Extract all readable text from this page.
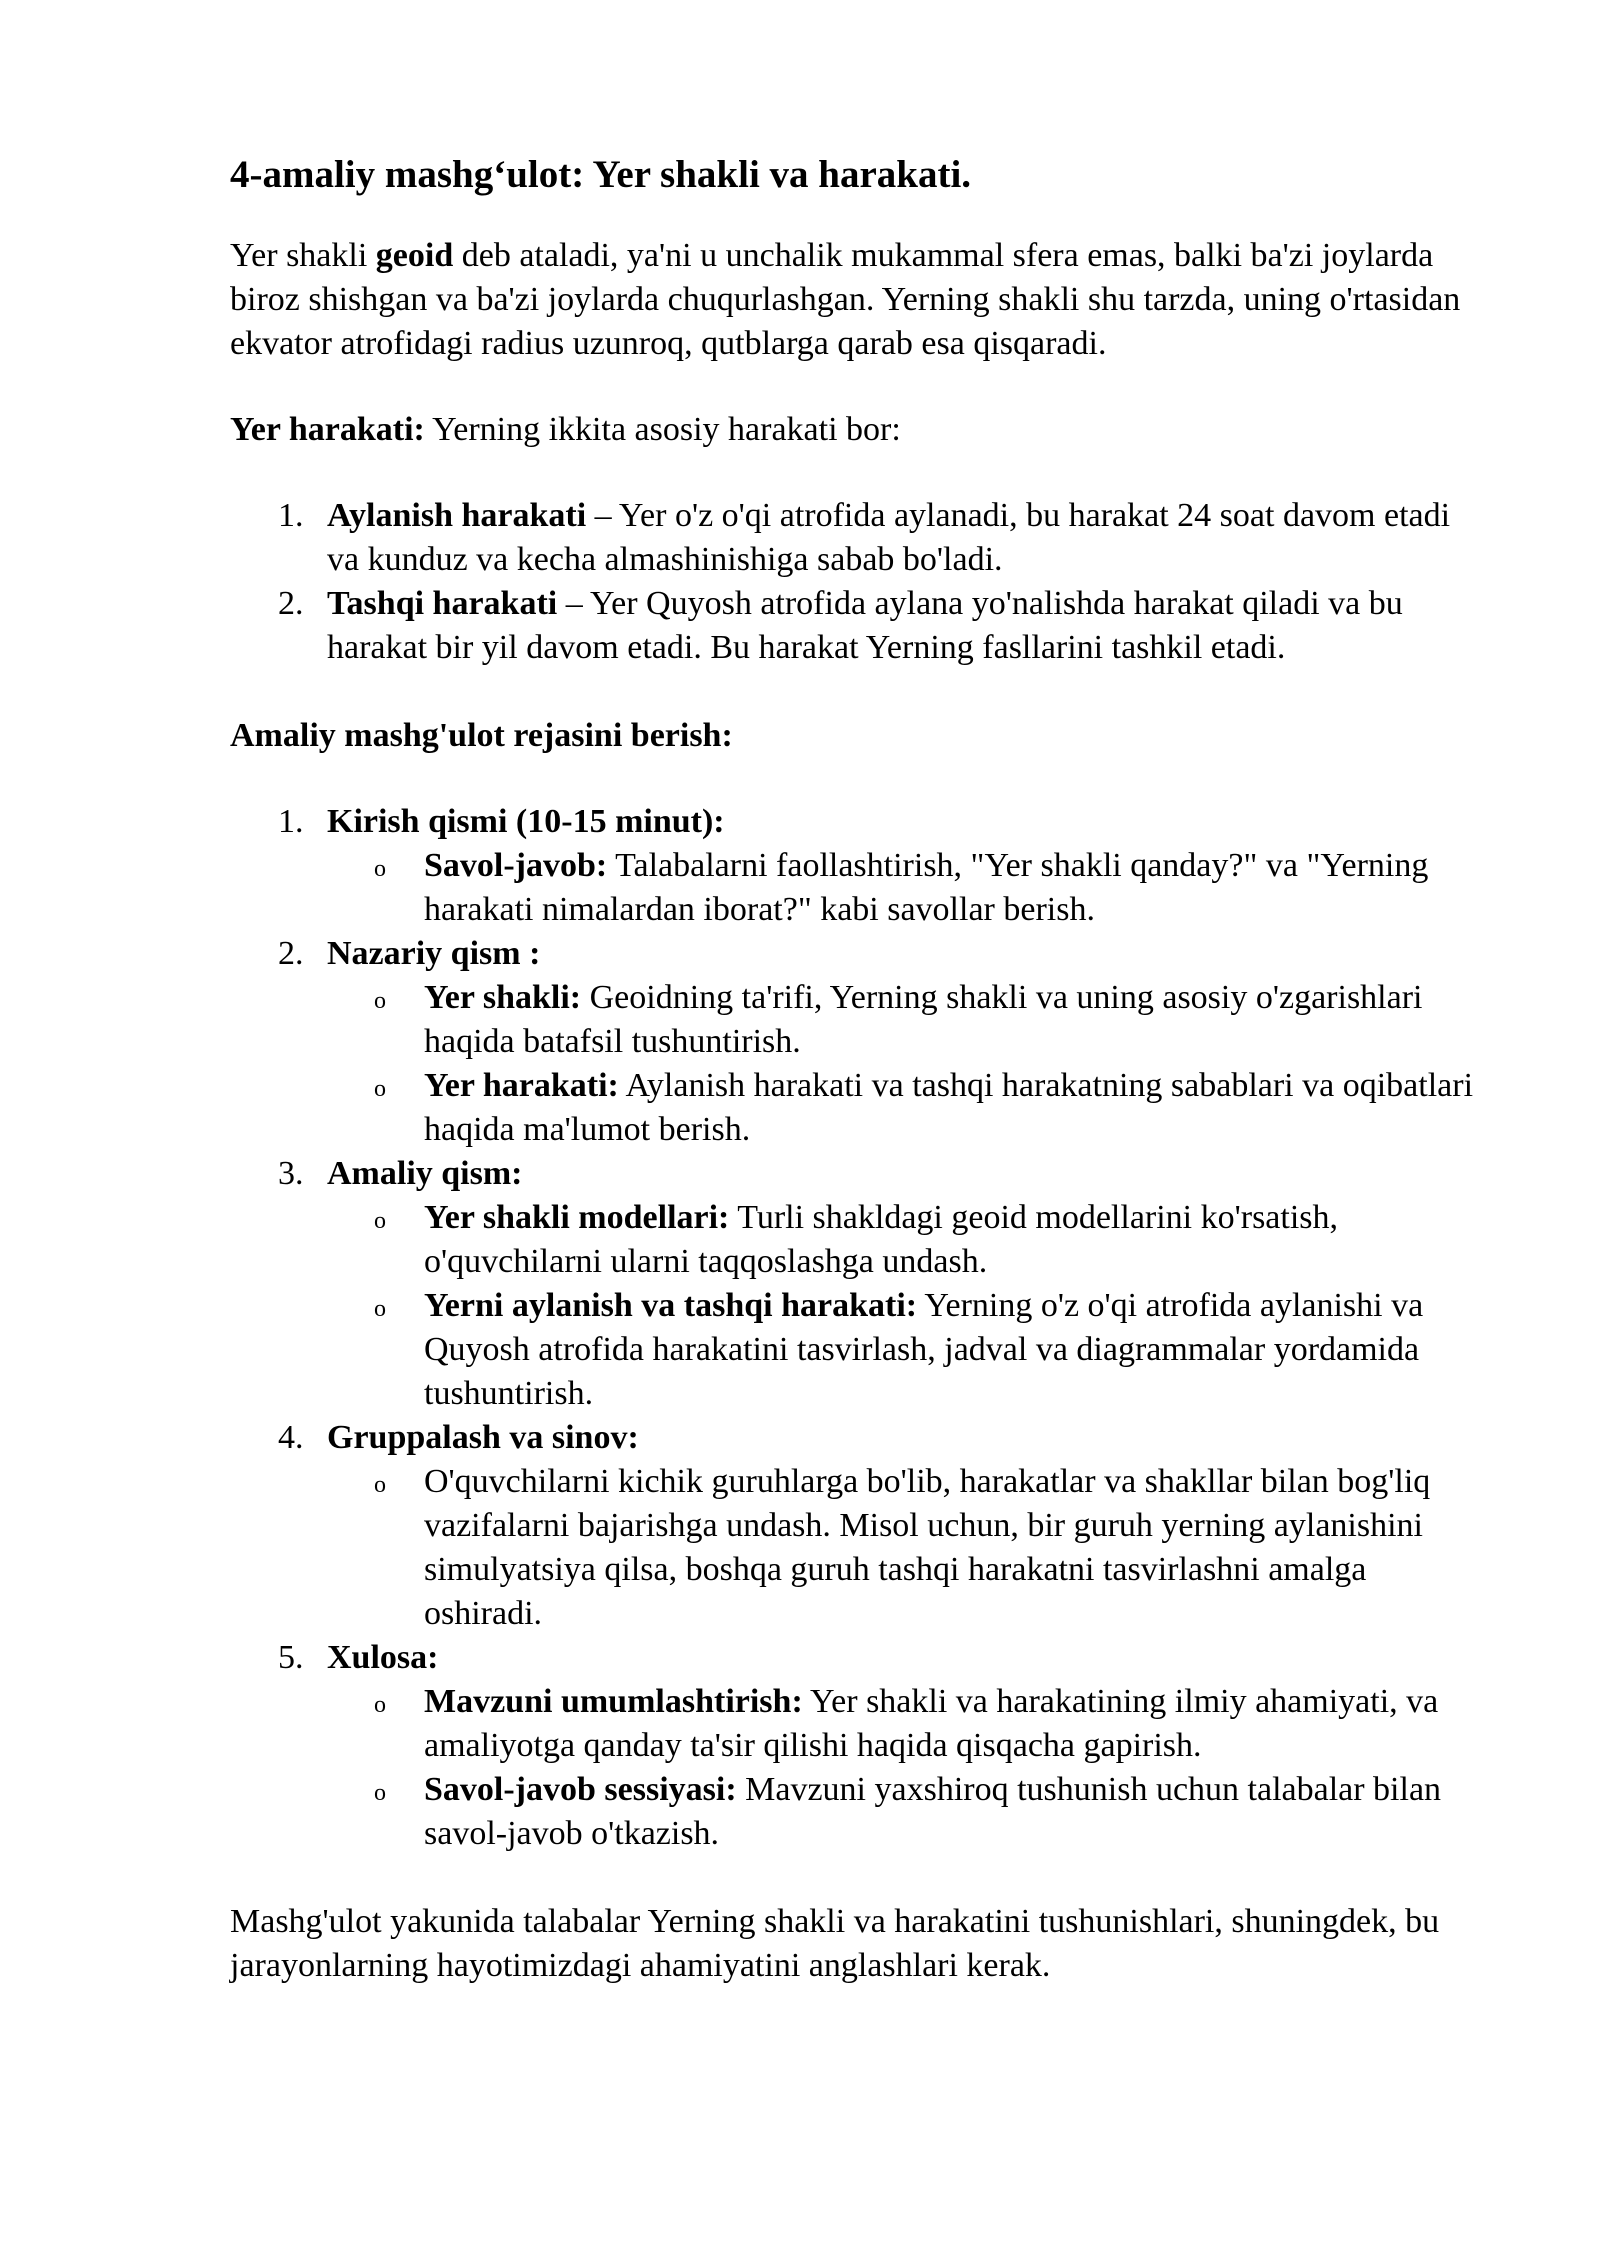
4-amaliy mashg‘ulot: Yer shakli va harakati.

Yer shakli geoid deb ataladi, ya'ni u unchalik mukammal sfera emas, balki ba'zi joylarda biroz shishgan va ba'zi joylarda chuqurlashgan. Yerning shakli shu tarzda, uning o'rtasidan ekvator atrofidagi radius uzunroq, qutblarga qarab esa qisqaradi.

Yer harakati: Yerning ikkita asosiy harakati bor:

1. Aylanish harakati – Yer o'z o'qi atrofida aylanadi, bu harakat 24 soat davom etadi va kunduz va kecha almashinishiga sabab bo'ladi.
2. Tashqi harakati – Yer Quyosh atrofida aylana yo'nalishda harakat qiladi va bu harakat bir yil davom etadi. Bu harakat Yerning fasllarini tashkil etadi.

Amaliy mashg'ulot rejasini berish:

1. Kirish qismi (10-15 minut):
o Savol-javob: Talabalarni faollashtirish, "Yer shakli qanday?" va "Yerning harakati nimalardan iborat?" kabi savollar berish.
2. Nazariy qism :
o Yer shakli: Geoidning ta'rifi, Yerning shakli va uning asosiy o'zgarishlari haqida batafsil tushuntirish.
o Yer harakati: Aylanish harakati va tashqi harakatning sabablari va oqibatlari haqida ma'lumot berish.
3. Amaliy qism:
o Yer shakli modellari: Turli shakldagi geoid modellarini ko'rsatish, o'quvchilarni ularni taqqoslashga undash.
o Yerni aylanish va tashqi harakati: Yerning o'z o'qi atrofida aylanishi va Quyosh atrofida harakatini tasvirlash, jadval va diagrammalar yordamida tushuntirish.
4. Gruppalash va sinov:
o O'quvchilarni kichik guruhlarga bo'lib, harakatlar va shakllar bilan bog'liq vazifalarni bajarishga undash. Misol uchun, bir guruh yerning aylanishini simulyatsiya qilsa, boshqa guruh tashqi harakatni tasvirlashni amalga oshiradi.
5. Xulosa:
o Mavzuni umumlashtirish: Yer shakli va harakatining ilmiy ahamiyati, va amaliyotga qanday ta'sir qilishi haqida qisqacha gapirish.
o Savol-javob sessiyasi: Mavzuni yaxshiroq tushunish uchun talabalar bilan savol-javob o'tkazish.

Mashg'ulot yakunida talabalar Yerning shakli va harakatini tushunishlari, shuningdek, bu jarayonlarning hayotimizdagi ahamiyatini anglashlari kerak.
